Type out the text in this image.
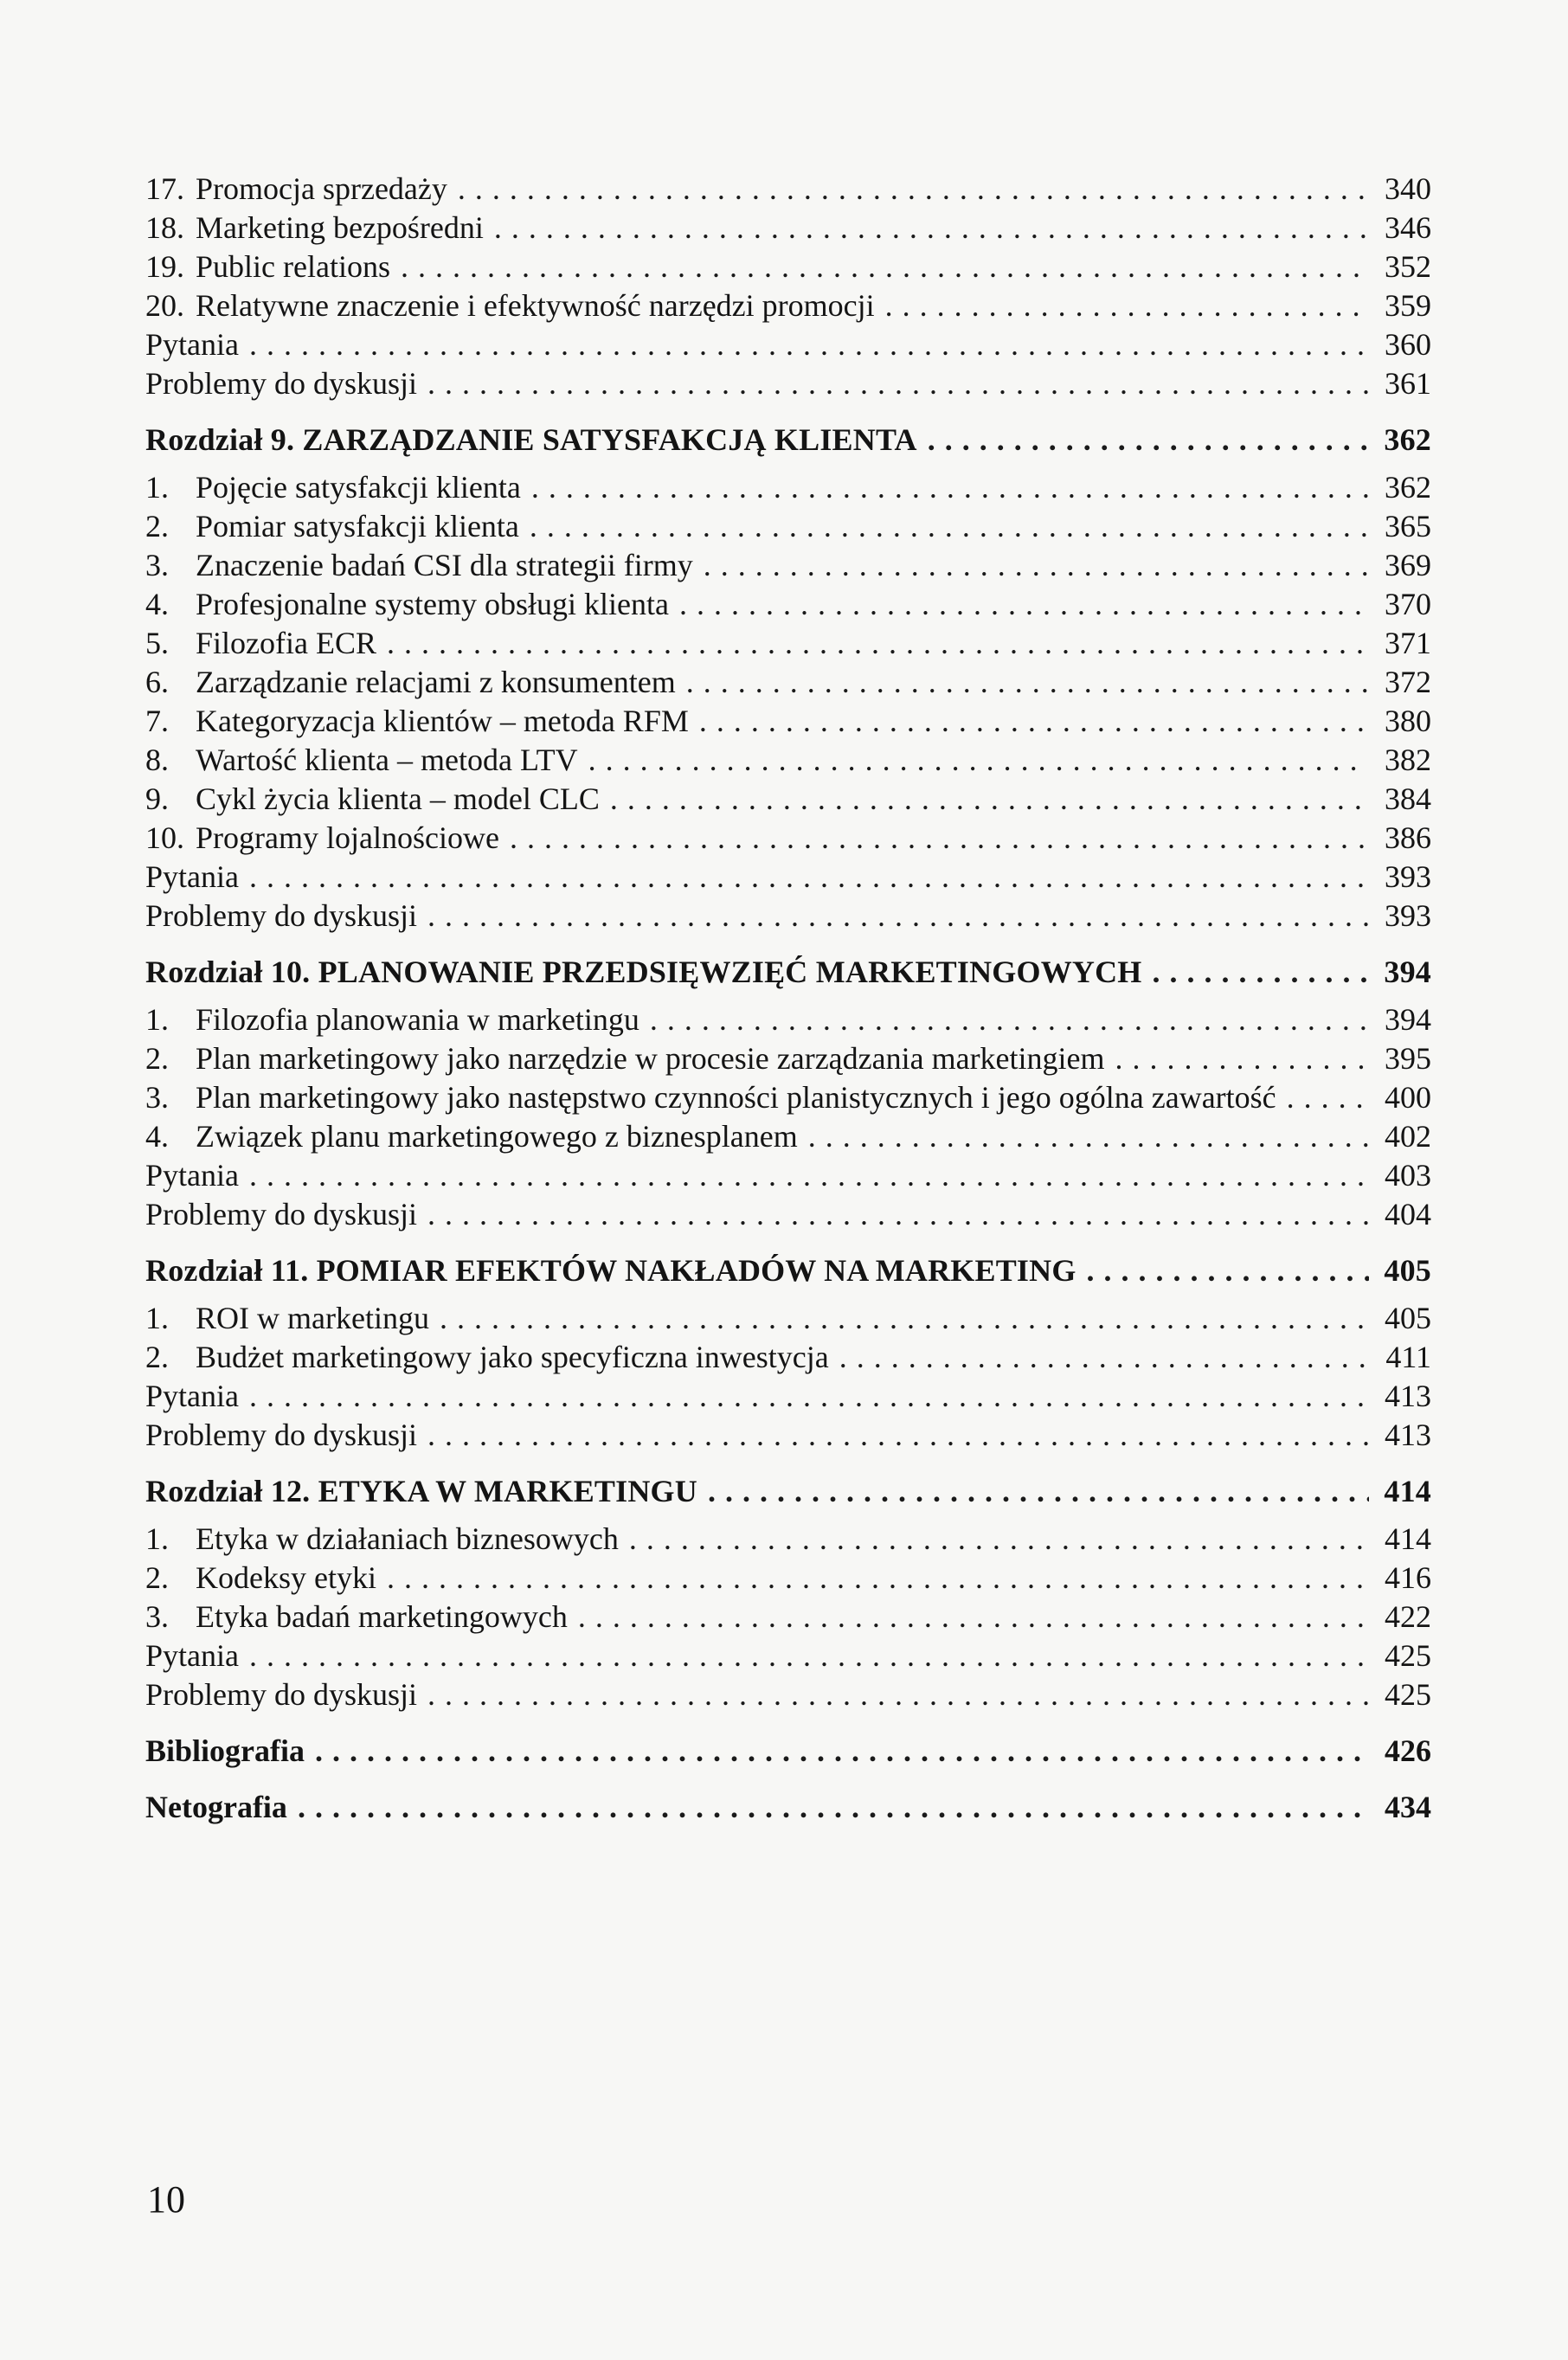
17. Promocja sprzedaży . . .	340
18. Marketing bezpośredni . . .	346
19. Public relations . . .	352
20. Relatywne znaczenie i efektywność narzędzi promocji . . .	359
Pytania . . .	360
Problemy do dyskusji . . .	361
Rozdział 9. ZARZĄDZANIE SATYSFAKCJĄ KLIENTA . . .	362
1. Pojęcie satysfakcji klienta . . .	362
2. Pomiar satysfakcji klienta . . .	365
3. Znaczenie badań CSI dla strategii firmy . . .	369
4. Profesjonalne systemy obsługi klienta . . .	370
5. Filozofia ECR . . .	371
6. Zarządzanie relacjami z konsumentem . . .	372
7. Kategoryzacja klientów – metoda RFM . . .	380
8. Wartość klienta – metoda LTV . . .	382
9. Cykl życia klienta – model CLC . . .	384
10. Programy lojalnościowe . . .	386
Pytania . . .	393
Problemy do dyskusji . . .	393
Rozdział 10. PLANOWANIE PRZEDSIĘWZIĘĆ MARKETINGOWYCH . . .	394
1. Filozofia planowania w marketingu . . .	394
2. Plan marketingowy jako narzędzie w procesie zarządzania marketingiem . . .	395
3. Plan marketingowy jako następstwo czynności planistycznych i jego ogólna zawartość . . .	400
4. Związek planu marketingowego z biznesplanem . . .	402
Pytania . . .	403
Problemy do dyskusji . . .	404
Rozdział 11. POMIAR EFEKTÓW NAKŁADÓW NA MARKETING . . .	405
1. ROI w marketingu . . .	405
2. Budżet marketingowy jako specyficzna inwestycja . . .	411
Pytania . . .	413
Problemy do dyskusji . . .	413
Rozdział 12. ETYKA W MARKETINGU . . .	414
1. Etyka w działaniach biznesowych . . .	414
2. Kodeksy etyki . . .	416
3. Etyka badań marketingowych . . .	422
Pytania . . .	425
Problemy do dyskusji . . .	425
Bibliografia . . .	426
Netografia . . .	434
10
